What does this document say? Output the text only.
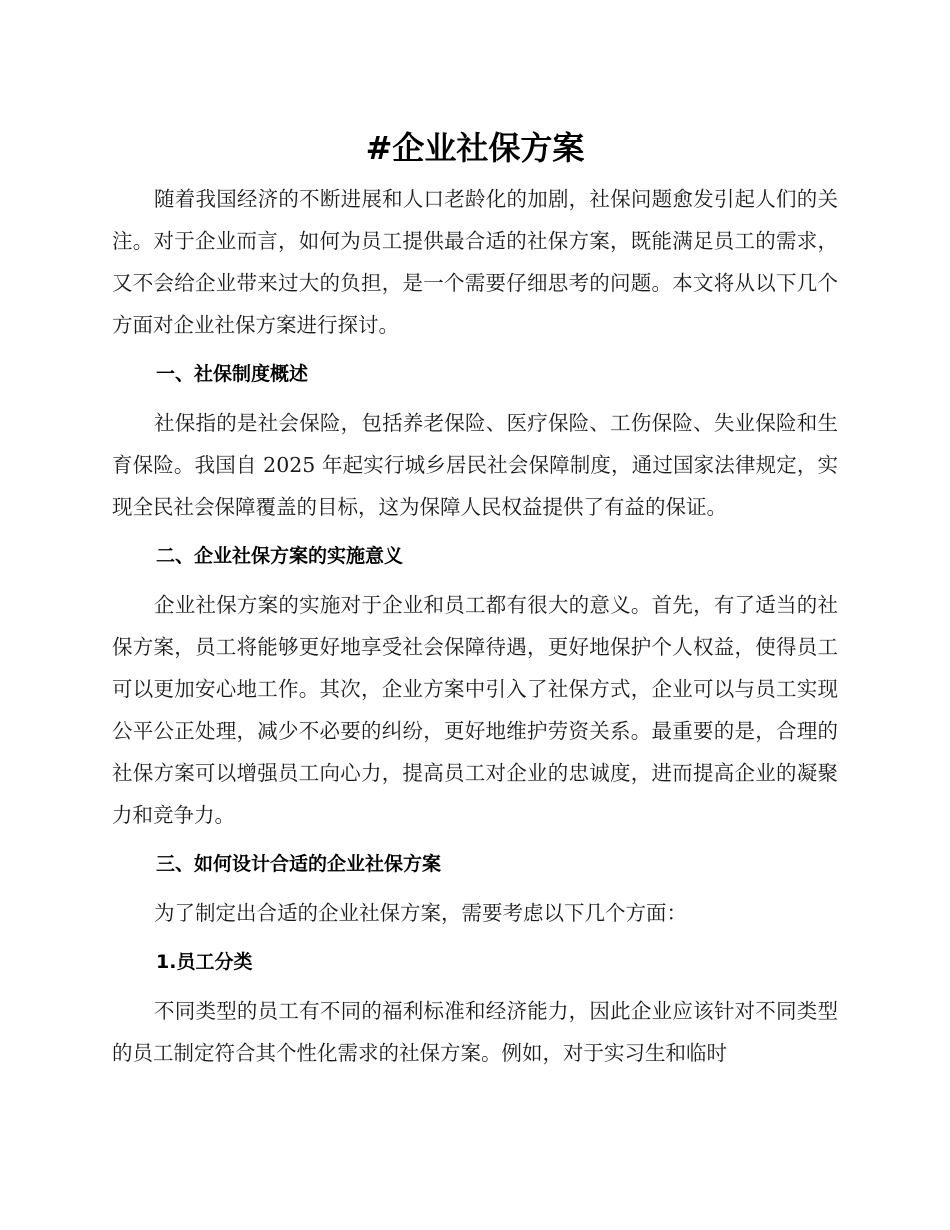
#企业社保方案

随着我国经济的不断进展和人口老龄化的加剧，社保问题愈发引起人们的关注。对于企业而言，如何为员工提供最合适的社保方案，既能满足员工的需求，又不会给企业带来过大的负担，是一个需要仔细思考的问题。本文将从以下几个方面对企业社保方案进行探讨。

一、社保制度概述

社保指的是社会保险，包括养老保险、医疗保险、工伤保险、失业保险和生育保险。我国自 2025 年起实行城乡居民社会保障制度，通过国家法律规定，实现全民社会保障覆盖的目标，这为保障人民权益提供了有益的保证。

二、企业社保方案的实施意义

企业社保方案的实施对于企业和员工都有很大的意义。首先，有了适当的社保方案，员工将能够更好地享受社会保障待遇，更好地保护个人权益，使得员工可以更加安心地工作。其次，企业方案中引入了社保方式，企业可以与员工实现公平公正处理，减少不必要的纠纷，更好地维护劳资关系。最重要的是，合理的社保方案可以增强员工向心力，提高员工对企业的忠诚度，进而提高企业的凝聚力和竞争力。

三、如何设计合适的企业社保方案

为了制定出合适的企业社保方案，需要考虑以下几个方面：

1.员工分类

不同类型的员工有不同的福利标准和经济能力，因此企业应该针对不同类型的员工制定符合其个性化需求的社保方案。例如，对于实习生和临时
